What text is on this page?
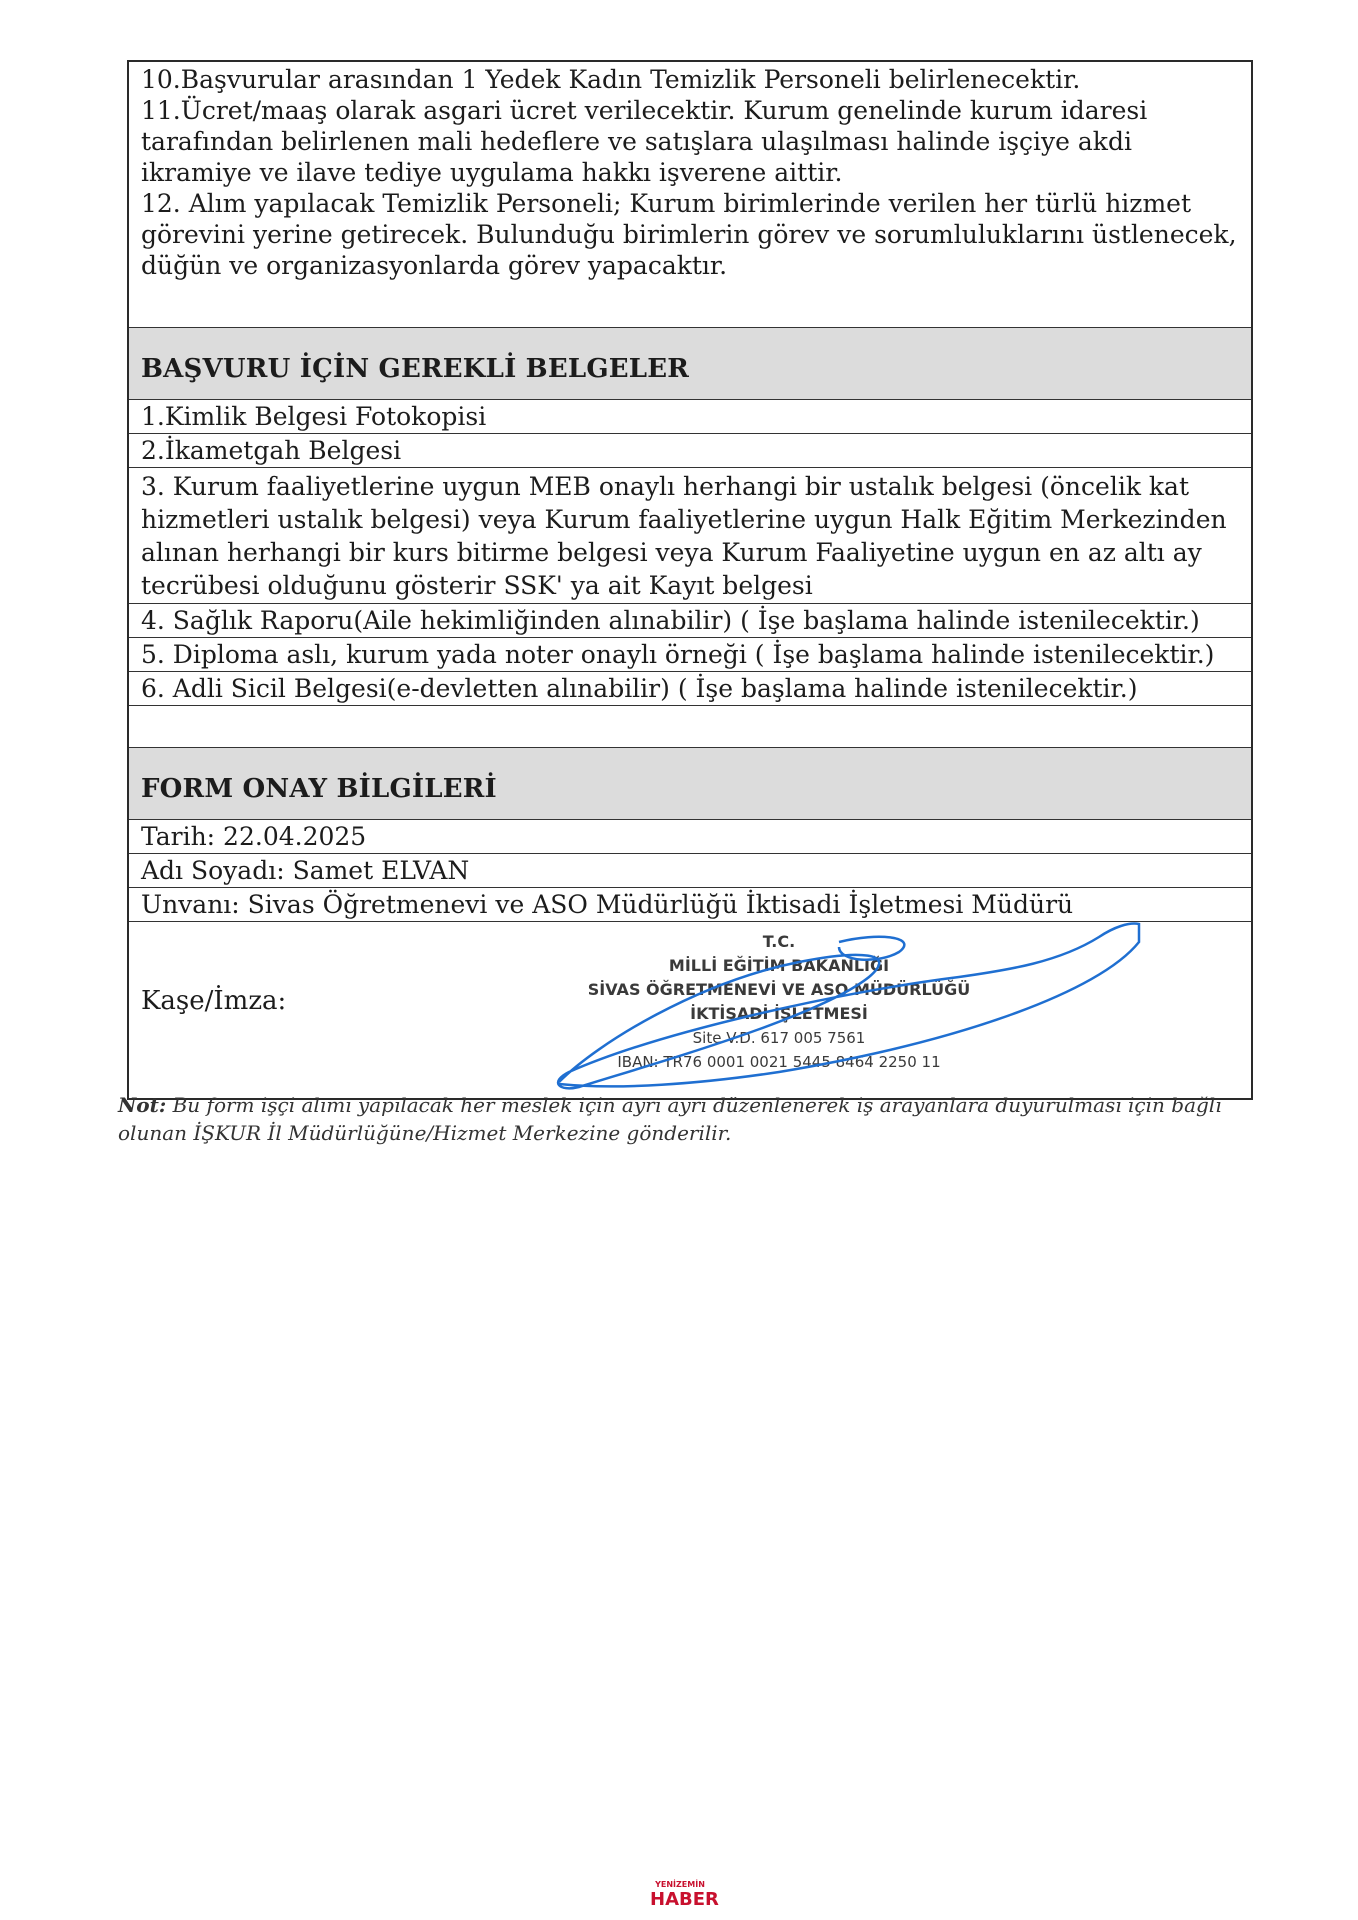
10.Başvurular arasından 1 Yedek Kadın Temizlik Personeli belirlenecektir.

11.Ücret/maaş olarak asgari ücret verilecektir. Kurum genelinde kurum idaresi tarafından belirlenen mali hedeflere ve satışlara ulaşılması halinde işçiye akdi ikramiye ve ilave tediye uygulama hakkı işverene aittir.

12. Alım yapılacak Temizlik Personeli; Kurum birimlerinde verilen her türlü hizmet görevini yerine getirecek. Bulunduğu birimlerin görev ve sorumluluklarını üstlenecek, düğün ve organizasyonlarda görev yapacaktır.

BAŞVURU İÇİN GEREKLİ BELGELER
1.Kimlik Belgesi Fotokopisi
2.İkametgah Belgesi
3. Kurum faaliyetlerine uygun MEB onaylı herhangi bir ustalık belgesi (öncelik kat hizmetleri ustalık belgesi) veya Kurum faaliyetlerine uygun Halk Eğitim Merkezinden alınan herhangi bir kurs bitirme belgesi veya Kurum Faaliyetine uygun en az altı ay tecrübesi olduğunu gösterir SSK' ya ait Kayıt belgesi
4. Sağlık Raporu(Aile hekimliğinden alınabilir) ( İşe başlama halinde istenilecektir.)
5. Diploma aslı, kurum yada noter onaylı örneği ( İşe başlama halinde istenilecektir.)
6. Adli Sicil Belgesi(e-devletten alınabilir) ( İşe başlama halinde istenilecektir.)
FORM ONAY BİLGİLERİ
Tarih: 22.04.2025
Adı Soyadı: Samet ELVAN
Unvanı: Sivas Öğretmenevi ve ASO Müdürlüğü İktisadi İşletmesi Müdürü
Kaşe/İmza:
T.C.
MİLLİ EĞİTİM BAKANLIĞI
SİVAS ÖĞRETMENEVİ VE ASO MÜDÜRLÜĞÜ
İKTİSADİ İŞLETMESİ
Site V.D. 617 005 7561
IBAN: TR76 0001 0021 5445 8464 2250 11
Not: Bu form işçi alımı yapılacak her meslek için ayrı ayrı düzenlenerek iş arayanlara duyurulması için bağlı olunan İŞKUR İl Müdürlüğüne/Hizmet Merkezine gönderilir.
YENİZEMİN
HABER
